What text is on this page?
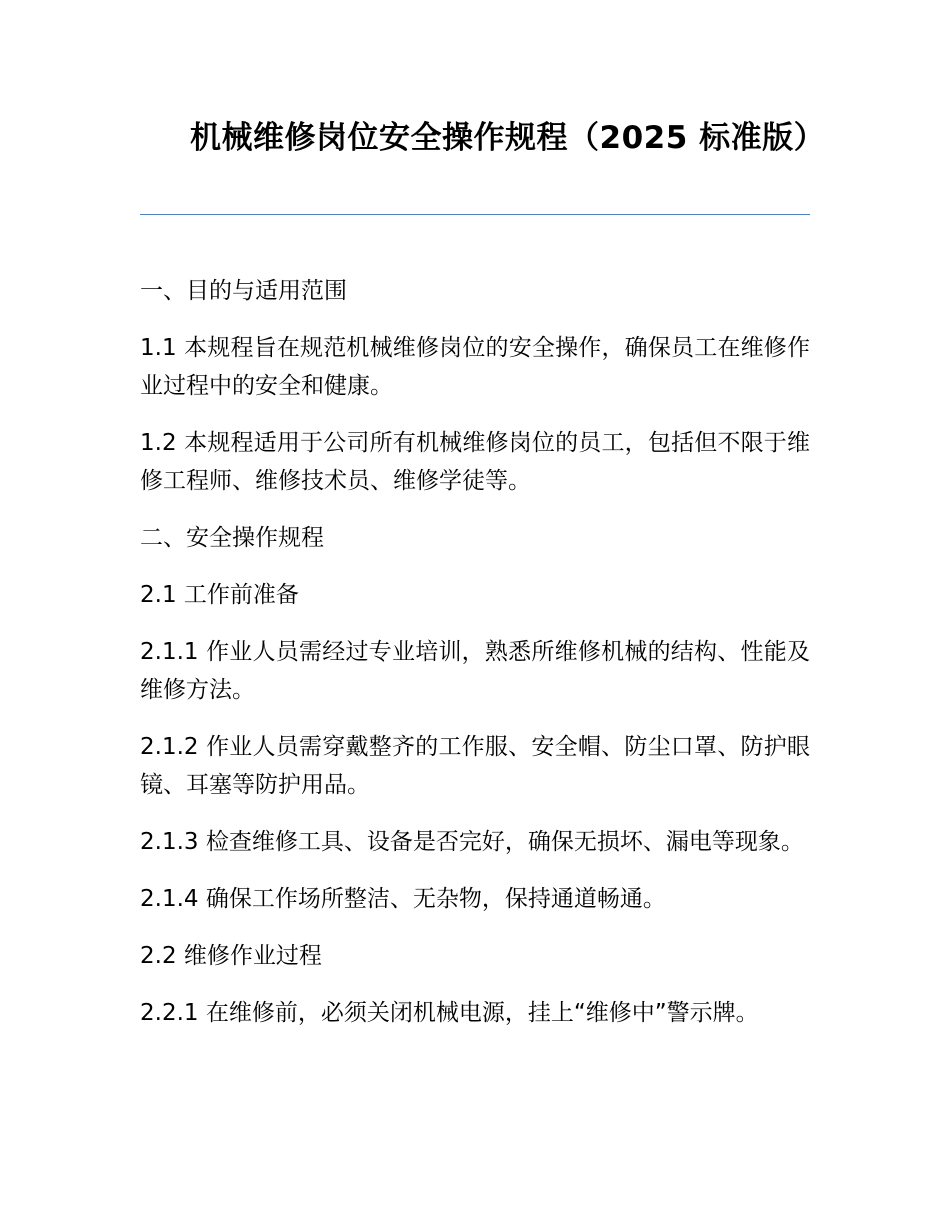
机械维修岗位安全操作规程（2025 标准版）

一、目的与适用范围

1.1 本规程旨在规范机械维修岗位的安全操作，确保员工在维修作业过程中的安全和健康。

1.2 本规程适用于公司所有机械维修岗位的员工，包括但不限于维修工程师、维修技术员、维修学徒等。

二、安全操作规程

2.1 工作前准备

2.1.1 作业人员需经过专业培训，熟悉所维修机械的结构、性能及维修方法。

2.1.2 作业人员需穿戴整齐的工作服、安全帽、防尘口罩、防护眼镜、耳塞等防护用品。

2.1.3 检查维修工具、设备是否完好，确保无损坏、漏电等现象。

2.1.4 确保工作场所整洁、无杂物，保持通道畅通。

2.2 维修作业过程

2.2.1 在维修前，必须关闭机械电源，挂上“维修中”警示牌。
